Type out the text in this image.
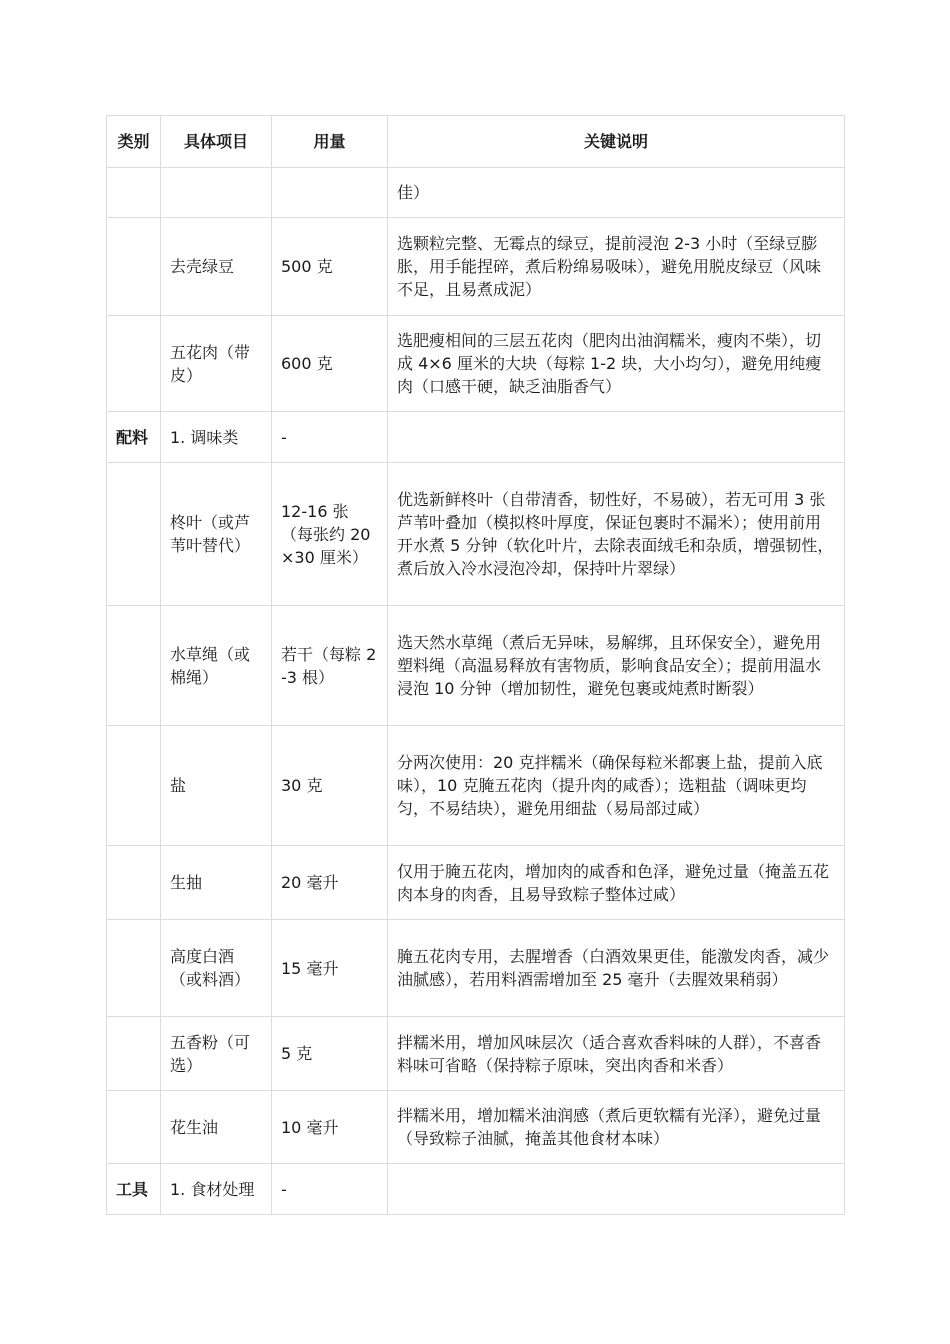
类别	具体项目	用量	关键说明
			佳）
	去壳绿豆	500 克	选颗粒完整、无霉点的绿豆，提前浸泡 2-3 小时（至绿豆膨胀，用手能捏碎，煮后粉绵易吸味），避免用脱皮绿豆（风味不足，且易煮成泥）
	五花肉（带皮）	600 克	选肥瘦相间的三层五花肉（肥肉出油润糯米，瘦肉不柴），切成 4×6 厘米的大块（每粽 1-2 块，大小均匀），避免用纯瘦肉（口感干硬，缺乏油脂香气）
配料	1. 调味类	-	
	柊叶（或芦苇叶替代）	12-16 张（每张约 20×30 厘米）	优选新鲜柊叶（自带清香，韧性好，不易破），若无可用 3 张芦苇叶叠加（模拟柊叶厚度，保证包裹时不漏米）；使用前用开水煮 5 分钟（软化叶片，去除表面绒毛和杂质，增强韧性，煮后放入冷水浸泡冷却，保持叶片翠绿）
	水草绳（或棉绳）	若干（每粽 2-3 根）	选天然水草绳（煮后无异味，易解绑，且环保安全），避免用塑料绳（高温易释放有害物质，影响食品安全）；提前用温水浸泡 10 分钟（增加韧性，避免包裹或炖煮时断裂）
	盐	30 克	分两次使用：20 克拌糯米（确保每粒米都裹上盐，提前入底味），10 克腌五花肉（提升肉的咸香）；选粗盐（调味更均匀，不易结块），避免用细盐（易局部过咸）
	生抽	20 毫升	仅用于腌五花肉，增加肉的咸香和色泽，避免过量（掩盖五花肉本身的肉香，且易导致粽子整体过咸）
	高度白酒（或料酒）	15 毫升	腌五花肉专用，去腥增香（白酒效果更佳，能激发肉香，减少油腻感），若用料酒需增加至 25 毫升（去腥效果稍弱）
	五香粉（可选）	5 克	拌糯米用，增加风味层次（适合喜欢香料味的人群），不喜香料味可省略（保持粽子原味，突出肉香和米香）
	花生油	10 毫升	拌糯米用，增加糯米油润感（煮后更软糯有光泽），避免过量（导致粽子油腻，掩盖其他食材本味）
工具	1. 食材处理	-	
